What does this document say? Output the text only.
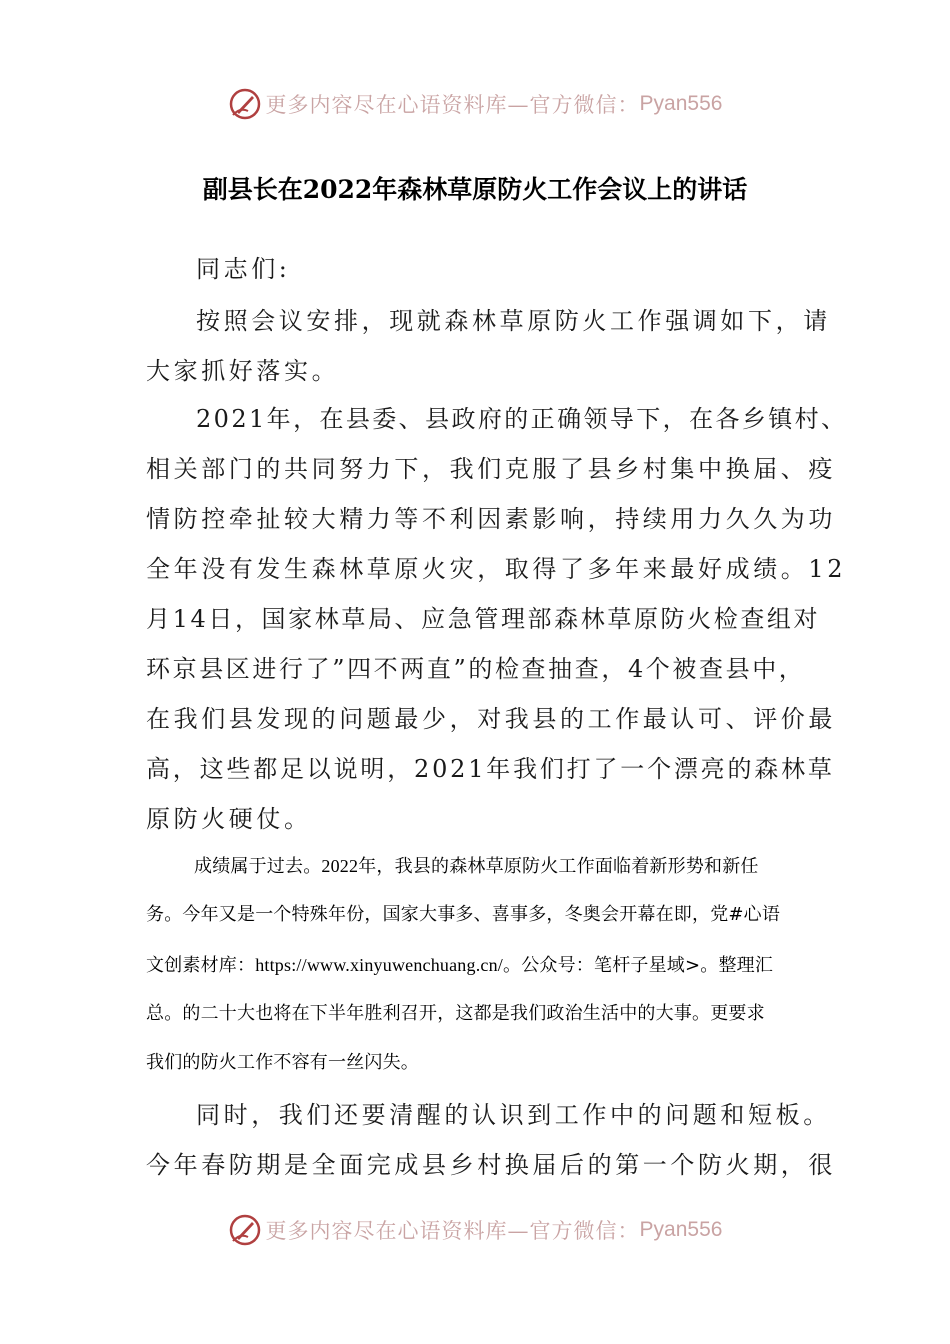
更多内容尽在心语资料库—官方微信： Pyan556
副县长在2022年森林草原防火工作会议上的讲话
同志们:
按照会议安排，现就森林草原防火工作强调如下，请
大家抓好落实。
2021年，在县委、县政府的正确领导下，在各乡镇村、
相关部门的共同努力下，我们克服了县乡村集中换届、疫
情防控牵扯较大精力等不利因素影响，持续用力久久为功
全年没有发生森林草原火灾，取得了多年来最好成绩。12
月14日，国家林草局、应急管理部森林草原防火检查组对
环京县区进行了”四不两直”的检查抽查，4个被查县中，
在我们县发现的问题最少，对我县的工作最认可、评价最
高，这些都足以说明，2021年我们打了一个漂亮的森林草
原防火硬仗。
成绩属于过去。2022年，我县的森林草原防火工作面临着新形势和新任
务。今年又是一个特殊年份，国家大事多、喜事多，冬奥会开幕在即，党#心语
文创素材库：https://www.xinyuwenchuang.cn/。公众号：笔杆子星域>。整理汇
总。的二十大也将在下半年胜利召开，这都是我们政治生活中的大事。更要求
我们的防火工作不容有一丝闪失。
同时，我们还要清醒的认识到工作中的问题和短板。
今年春防期是全面完成县乡村换届后的第一个防火期，很
更多内容尽在心语资料库—官方微信： Pyan556
